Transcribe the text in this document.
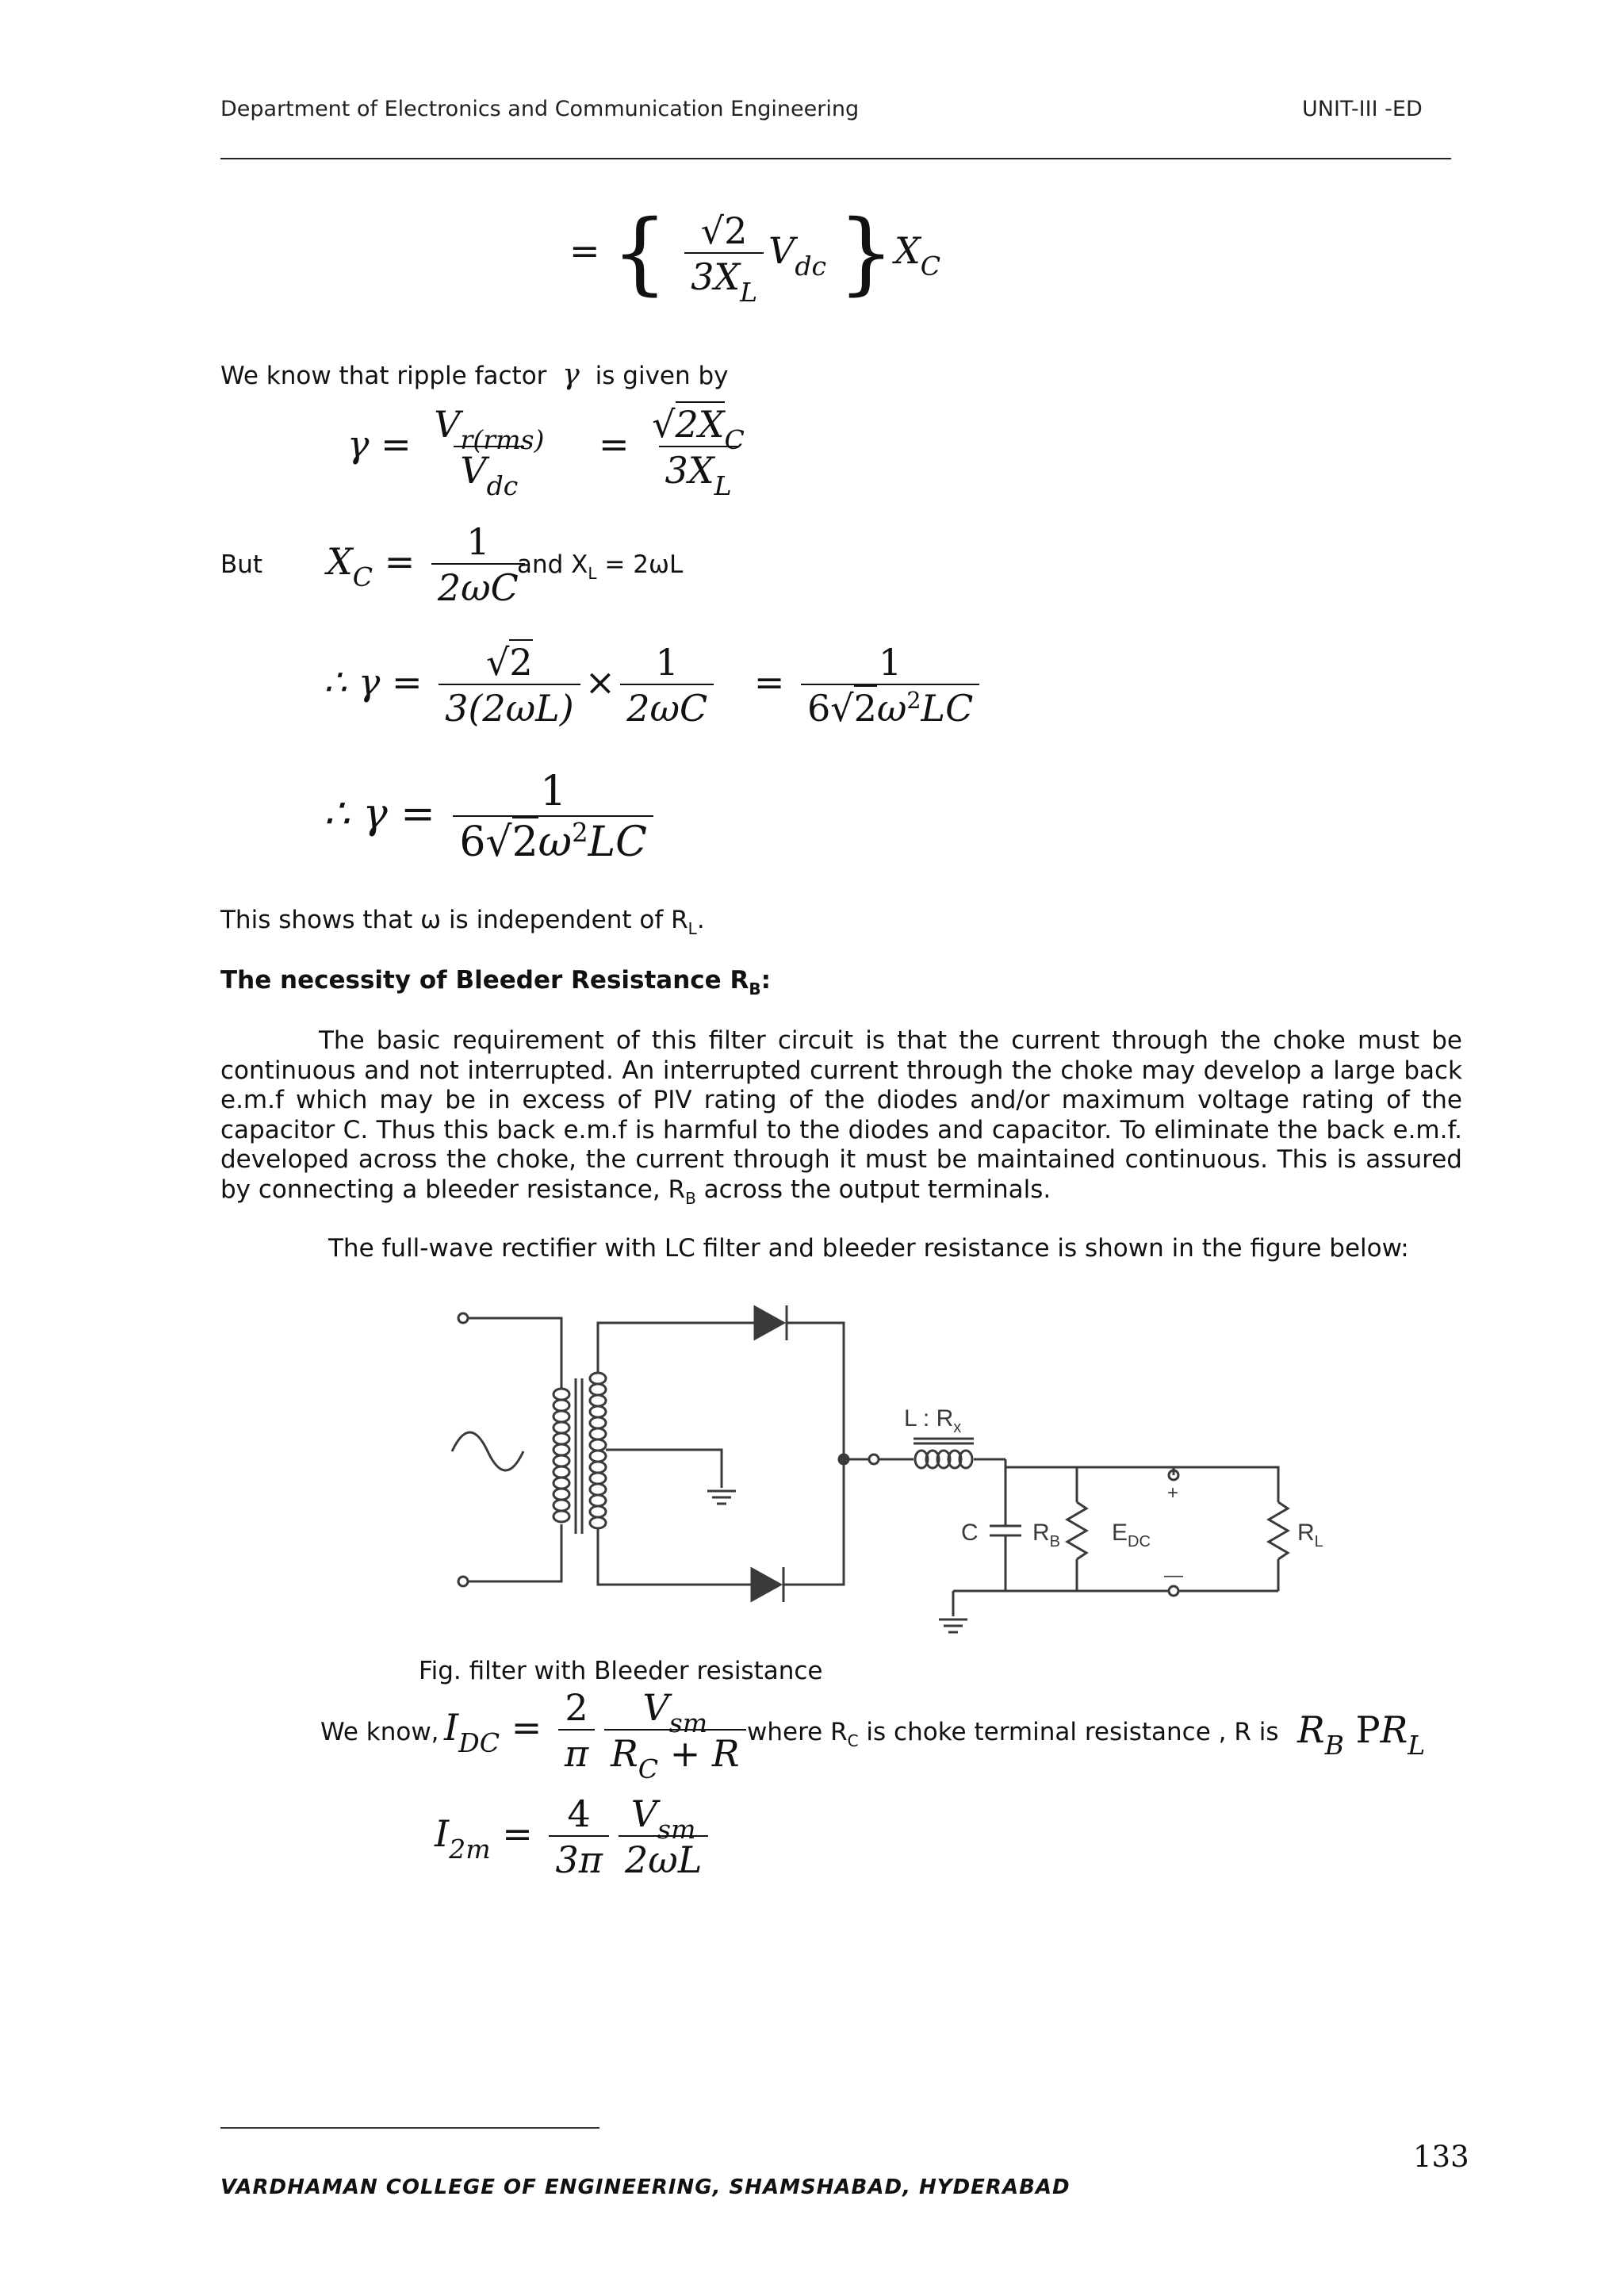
Department of Electronics and Communication Engineering	UNIT-III -ED
= { $\frac{√2}{3X_L} V_{dc}$ }$X_C$
We know that ripple factor γ is given by
$\gamma = \frac{V_{r(rms)}}{V_{dc}} = \frac{√2X_C}{3X_L}$
But $X_C = \frac{1}{2\omega C}$
and $X_L = 2\omega L$
∴ $\gamma = \frac{√2}{3(2\omega L)} \times \frac{1}{2\omega C} = \frac{1}{6√2\omega^2LC}$
∴ $\gamma = \frac{1}{6√2\omega^2LC}$
This shows that ω is independent of $R_L$.
The necessity of Bleeder Resistance $R_B$:

The basic requirement of this filter circuit is that the current through the choke must be continuous and not interrupted. An interrupted current through the choke may develop a large back e.m.f which may be in excess of PIV rating of the diodes and/or maximum voltage rating of the capacitor C. Thus this back e.m.f is harmful to the diodes and capacitor. To eliminate the back e.m.f. developed across the choke, the current through it must be maintained continuous. This is assured by connecting a bleeder resistance, $R_B$ across the output terminals.

The full-wave rectifier with LC filter and bleeder resistance is shown in the figure below:
L : $R_x$
C $R_B$ $E_{DC}$	$R_L$
+
—
Fig. filter with Bleeder resistance
We know, $I_{DC} = \frac{2}{\pi} \frac{V_{sm}}{R_C + R}$ where $R_C$ is choke terminal resistance , R is $R_B$ $PR_L$
$I_{2m} = \frac{4}{3\pi} \frac{V_{sm}}{2\omega L}$
133
VARDHAMAN COLLEGE OF ENGINEERING, SHAMSHABAD, HYDERABAD
